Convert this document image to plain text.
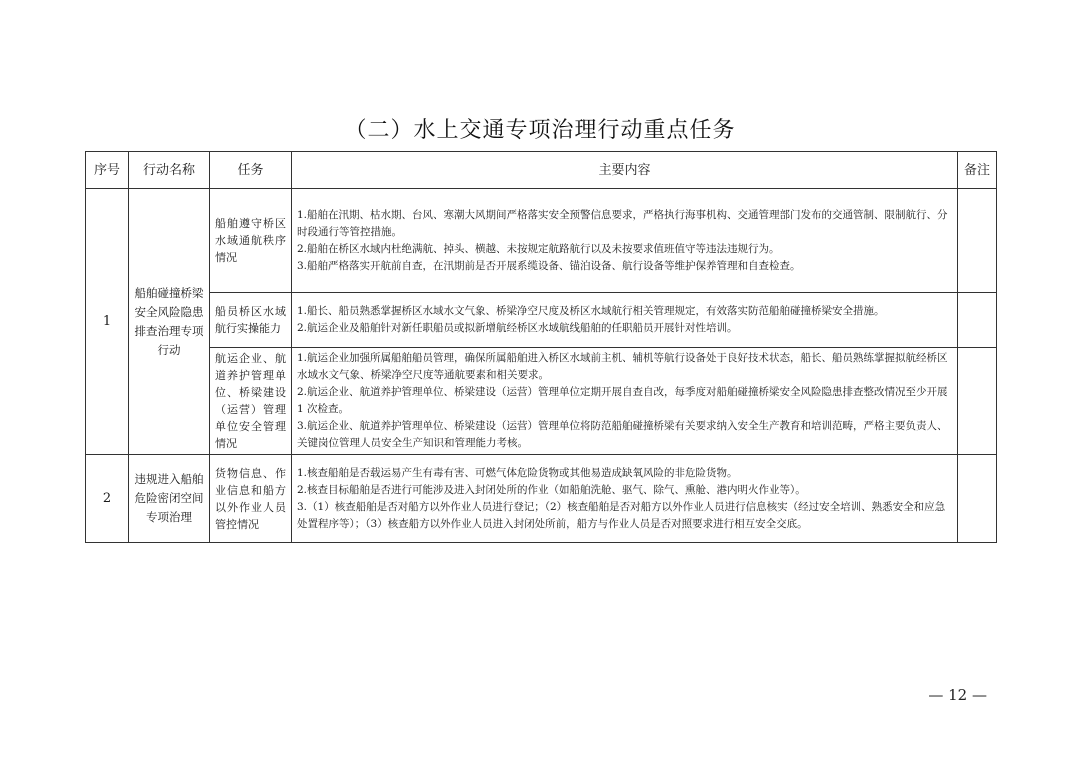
（二）水上交通专项治理行动重点任务
序号	行动名称	任务	主要内容	备注
1	船舶碰撞桥梁安全风险隐患排查治理专项行动	船舶遵守桥区水域通航秩序情况	1.船舶在汛期、枯水期、台风、寒潮大风期间严格落实安全预警信息要求，严格执行海事机构、交通管理部门发布的交通管制、限制航行、分时段通行等管控措施。

2.船舶在桥区水域内杜绝满航、掉头、横越、未按规定航路航行以及未按要求值班值守等违法违规行为。

3.船舶严格落实开航前自查，在汛期前是否开展系缆设备、锚泊设备、航行设备等维护保养管理和自查检查。	

		船员桥区水域航行实操能力	1.船长、船员熟悉掌握桥区水域水文气象、桥梁净空尺度及桥区水域航行相关管理规定，有效落实防范船舶碰撞桥梁安全措施。

2.航运企业及船舶针对新任职船员或拟新增航经桥区水域航线船舶的任职船员开展针对性培训。	

		航运企业、航道养护管理单位、桥梁建设（运营）管理单位安全管理情况	1.航运企业加强所属船舶船员管理，确保所属船舶进入桥区水域前主机、辅机等航行设备处于良好技术状态，船长、船员熟练掌握拟航经桥区水域水文气象、桥梁净空尺度等通航要素和相关要求。

2.航运企业、航道养护管理单位、桥梁建设（运营）管理单位定期开展自查自改，每季度对船舶碰撞桥梁安全风险隐患排查整改情况至少开展 1 次检查。

3.航运企业、航道养护管理单位、桥梁建设（运营）管理单位将防范船舶碰撞桥梁有关要求纳入安全生产教育和培训范畴，严格主要负责人、关键岗位管理人员安全生产知识和管理能力考核。	

2	违规进入船舶危险密闭空间专项治理	货物信息、作业信息和船方以外作业人员管控情况	1.核查船舶是否载运易产生有毒有害、可燃气体危险货物或其他易造成缺氧风险的非危险货物。

2.核查目标船舶是否进行可能涉及进入封闭处所的作业（如船舶洗舱、驱气、除气、熏舱、港内明火作业等）。

3.（1）核查船舶是否对船方以外作业人员进行登记；（2）核查船舶是否对船方以外作业人员进行信息核实（经过安全培训、熟悉安全和应急处置程序等）；（3）核查船方以外作业人员进入封闭处所前，船方与作业人员是否对照要求进行相互安全交底。	

— 12 —
